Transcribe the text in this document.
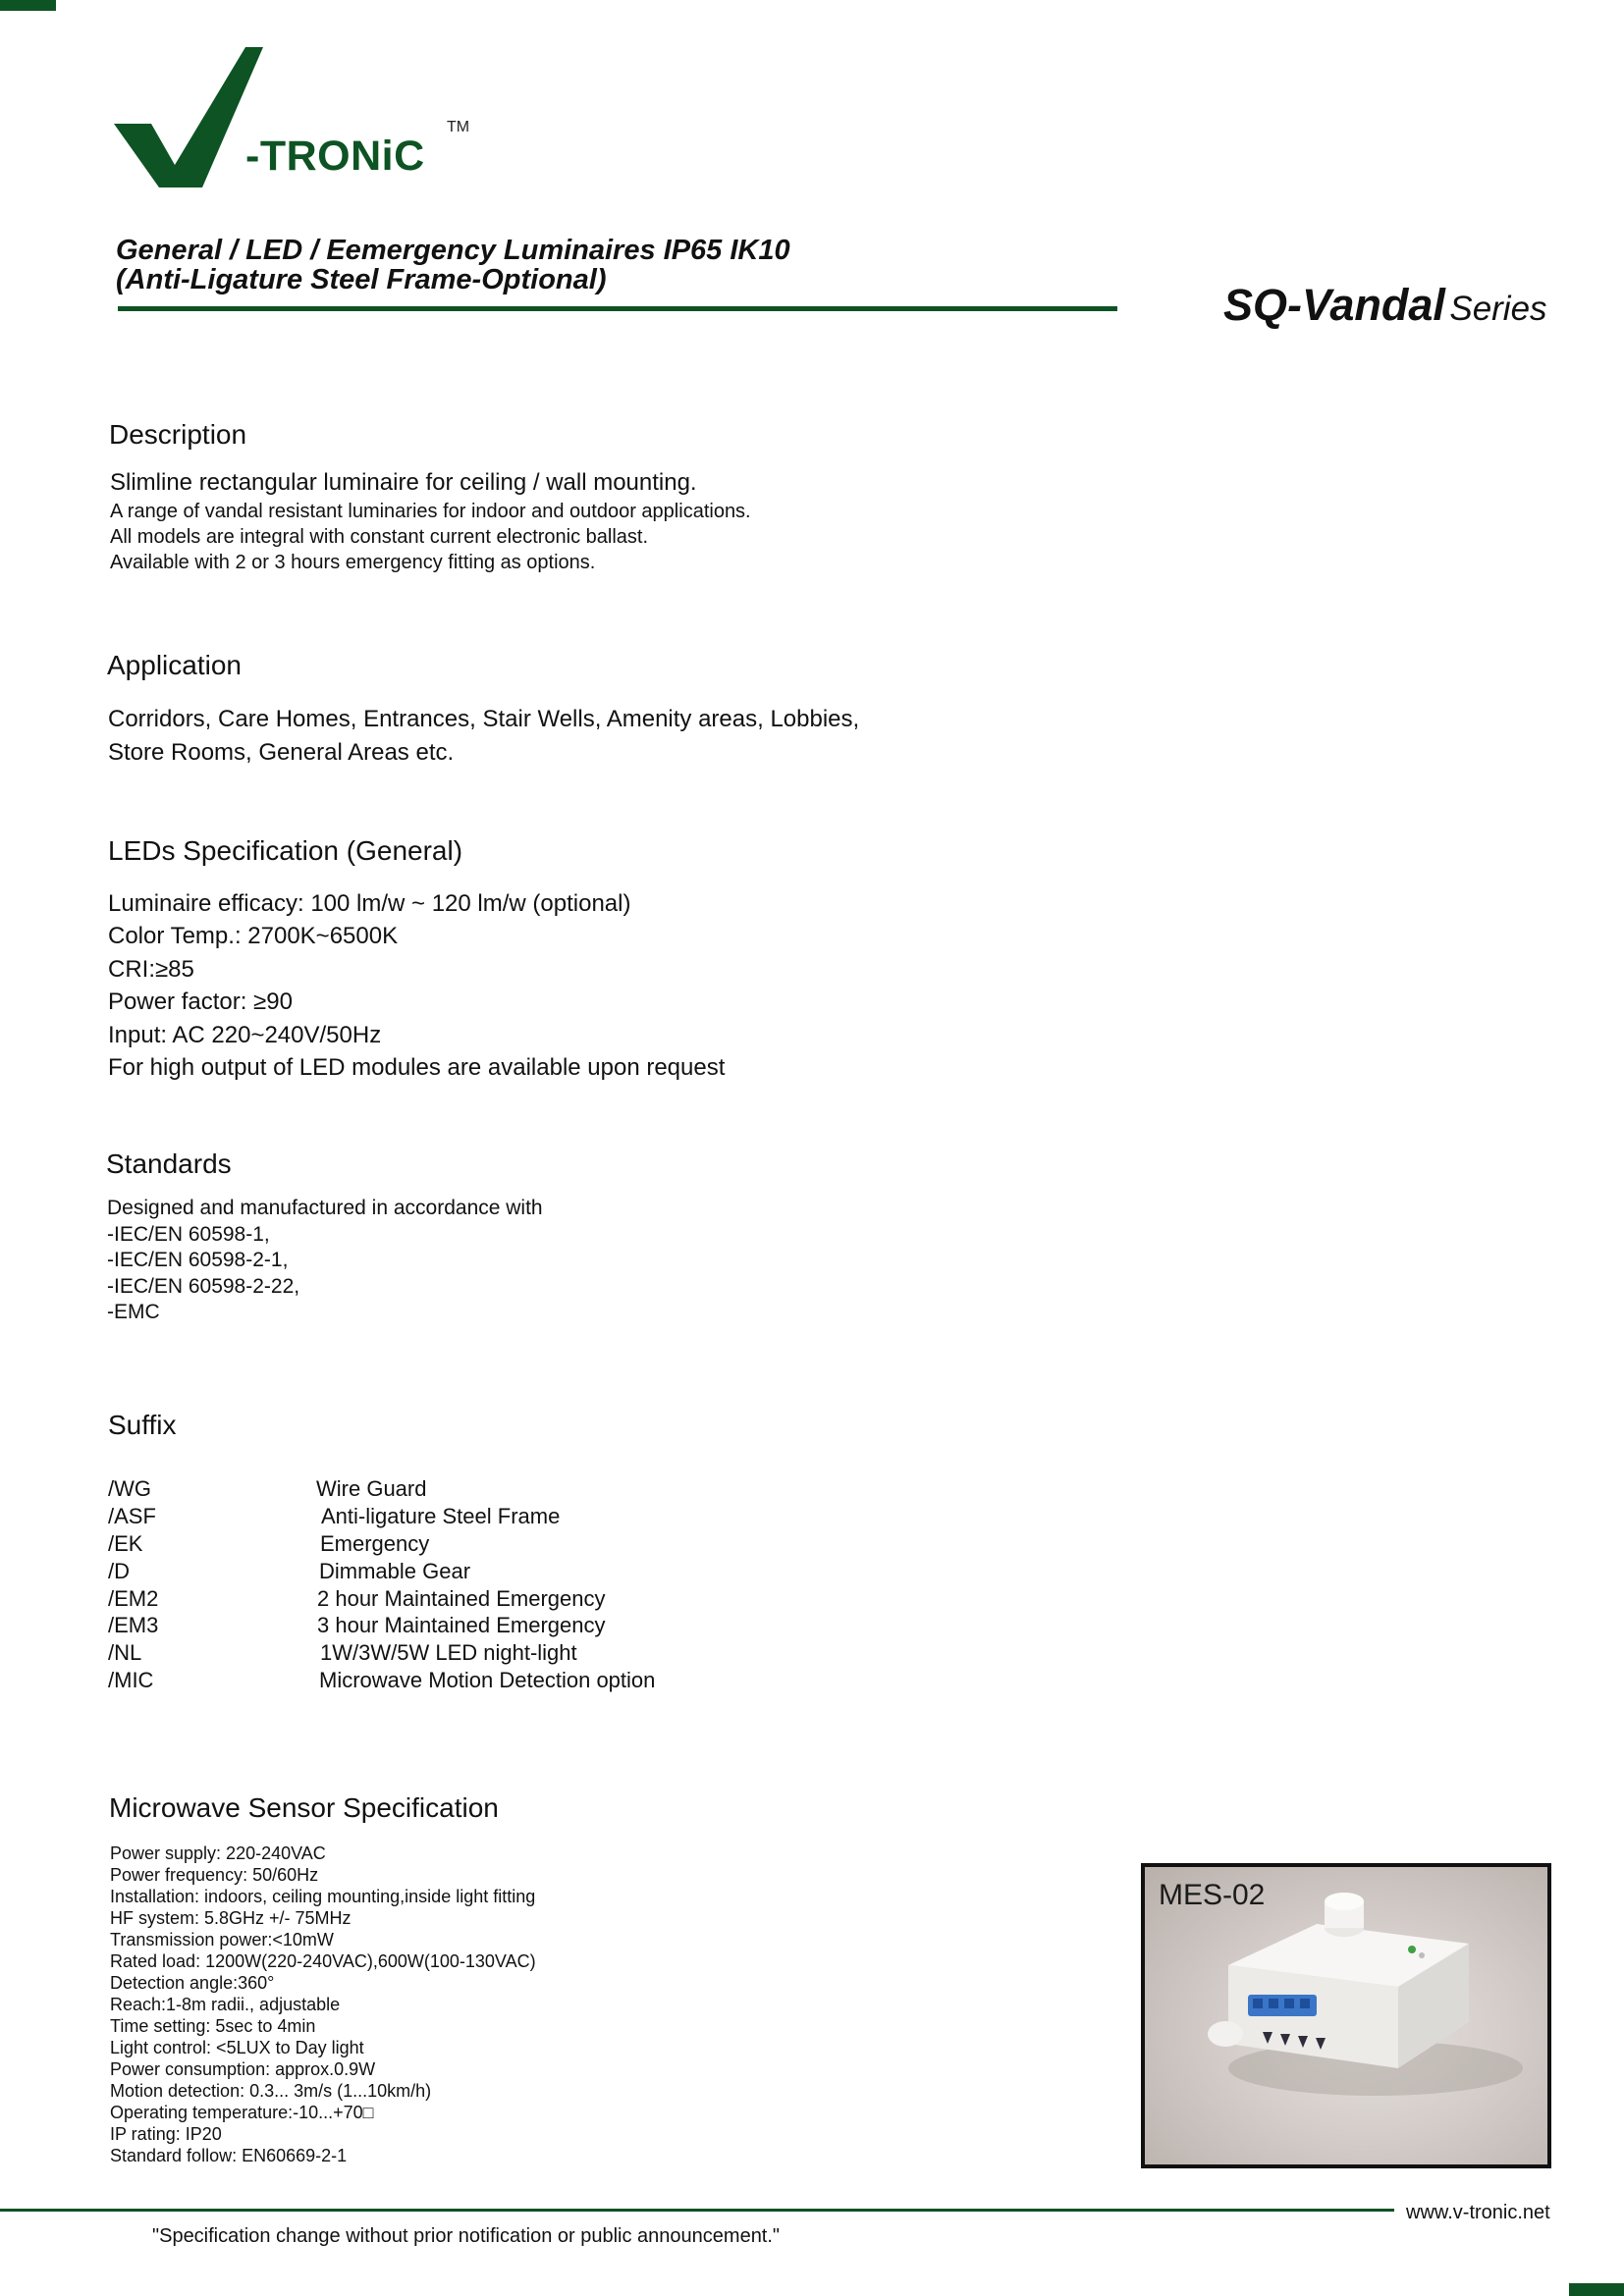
-TRONiC
TM
General / LED / Eemergency Luminaires IP65 IK10
(Anti-Ligature Steel Frame-Optional)	SQ-Vandal Series
Description
Slimline rectangular luminaire for ceiling / wall mounting.
A range of vandal resistant luminaries for indoor and outdoor applications.
All models are integral with constant current electronic ballast.
Available with 2 or 3 hours emergency fitting as options.
Application
Corridors, Care Homes, Entrances, Stair Wells, Amenity areas, Lobbies,
Store Rooms, General Areas etc.
LEDs Specification (General)
Luminaire efficacy: 100 lm/w ~ 120 lm/w (optional)
Color Temp.: 2700K~6500K
CRI:≥85
Power factor: ≥90
Input: AC 220~240V/50Hz
For high output of LED modules are available upon request
Standards
Designed and manufactured in accordance with
-IEC/EN 60598-1,
-IEC/EN 60598-2-1,
-IEC/EN 60598-2-22,
-EMC
Suffix
/WG	Wire Guard
/ASF	Anti-ligature Steel Frame
/EK	Emergency
/D	Dimmable Gear
/EM2	2 hour Maintained Emergency
/EM3	3 hour Maintained Emergency
/NL	1W/3W/5W LED night-light
/MIC	Microwave Motion Detection option
Microwave Sensor Specification
Power supply: 220-240VAC
Power frequency: 50/60Hz
Installation: indoors, ceiling mounting,inside light fitting
HF system: 5.8GHz +/- 75MHz
Transmission power:<10mW
Rated load: 1200W(220-240VAC),600W(100-130VAC)
Detection angle:360°
Reach:1-8m radii., adjustable
Time setting: 5sec to 4min
Light control: <5LUX to Day light
Power consumption: approx.0.9W
Motion detection: 0.3... 3m/s (1...10km/h)
Operating temperature:-10...+70□
IP rating: IP20
Standard follow: EN60669-2-1
MES-02
www.v-tronic.net
"Specification change without prior notification or public announcement."
